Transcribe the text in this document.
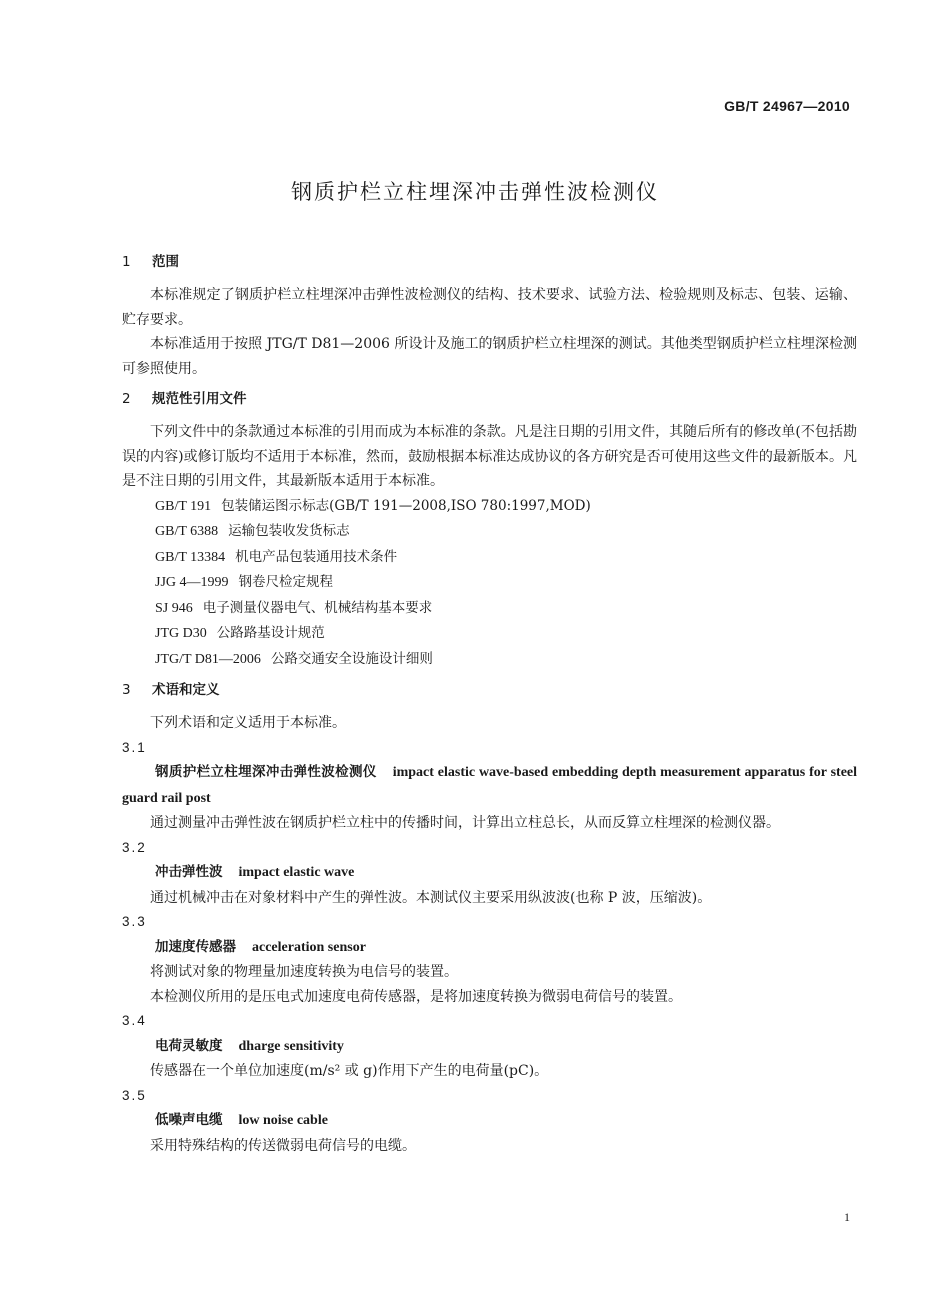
GB/T 24967—2010
钢质护栏立柱埋深冲击弹性波检测仪
1 范围

本标准规定了钢质护栏立柱埋深冲击弹性波检测仪的结构、技术要求、试验方法、检验规则及标志、包装、运输、贮存要求。

本标准适用于按照 JTG/T D81—2006 所设计及施工的钢质护栏立柱埋深的测试。其他类型钢质护栏立柱埋深检测可参照使用。

2 规范性引用文件

下列文件中的条款通过本标准的引用而成为本标准的条款。凡是注日期的引用文件，其随后所有的修改单(不包括勘误的内容)或修订版均不适用于本标准，然而，鼓励根据本标准达成协议的各方研究是否可使用这些文件的最新版本。凡是不注日期的引用文件，其最新版本适用于本标准。

GB/T 191 包装储运图示标志(GB/T 191—2008,ISO 780:1997,MOD)

GB/T 6388 运输包装收发货标志

GB/T 13384 机电产品包装通用技术条件

JJG 4—1999 钢卷尺检定规程

SJ 946 电子测量仪器电气、机械结构基本要求

JTG D30 公路路基设计规范

JTG/T D81—2006 公路交通安全设施设计细则

3 术语和定义

下列术语和定义适用于本标准。

3.1

钢质护栏立柱埋深冲击弹性波检测仪 impact elastic wave-based embedding depth measurement apparatus for steel guard rail post

通过测量冲击弹性波在钢质护栏立柱中的传播时间，计算出立柱总长，从而反算立柱埋深的检测仪器。

3.2

冲击弹性波 impact elastic wave

通过机械冲击在对象材料中产生的弹性波。本测试仪主要采用纵波波(也称 P 波，压缩波)。

3.3

加速度传感器 acceleration sensor

将测试对象的物理量加速度转换为电信号的装置。

本检测仪所用的是压电式加速度电荷传感器，是将加速度转换为微弱电荷信号的装置。

3.4

电荷灵敏度 dharge sensitivity

传感器在一个单位加速度(m/s² 或 g)作用下产生的电荷量(pC)。

3.5

低噪声电缆 low noise cable

采用特殊结构的传送微弱电荷信号的电缆。

1
